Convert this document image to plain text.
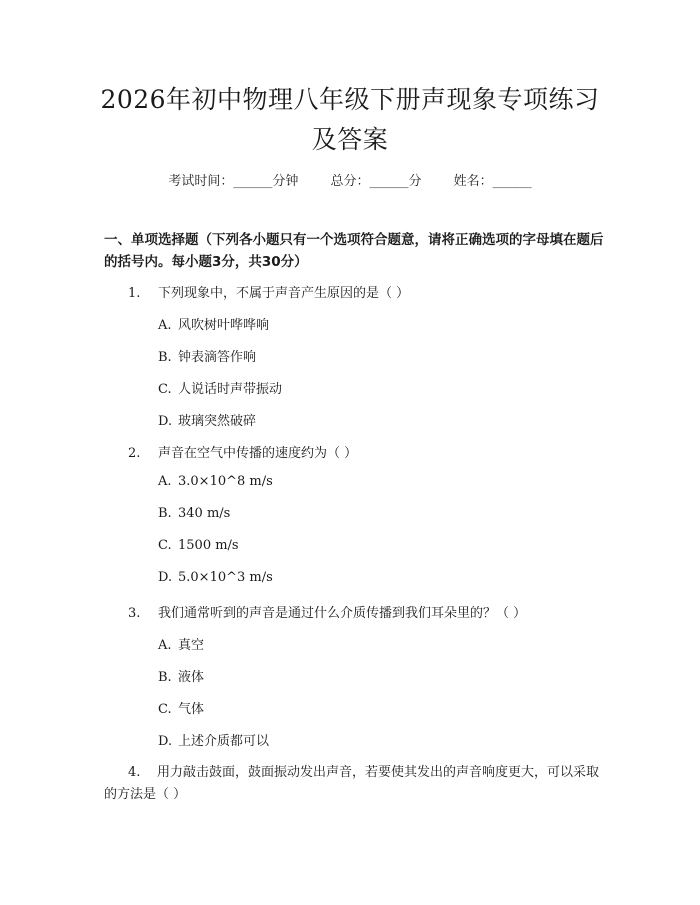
2026年初中物理八年级下册声现象专项练习
及答案
考试时间：______分钟 总分：______分 姓名：______
一、单项选择题（下列各小题只有一个选项符合题意，请将正确选项的字母填在题后的括号内。每小题3分，共30分）
1. 下列现象中，不属于声音产生原因的是（ ）
A. 风吹树叶哗哗响
B. 钟表滴答作响
C. 人说话时声带振动
D. 玻璃突然破碎
2. 声音在空气中传播的速度约为（ ）
A. 3.0×10^8 m/s
B. 340 m/s
C. 1500 m/s
D. 5.0×10^3 m/s
3. 我们通常听到的声音是通过什么介质传播到我们耳朵里的？（ ）
A. 真空
B. 液体
C. 气体
D. 上述介质都可以
4. 用力敲击鼓面，鼓面振动发出声音，若要使其发出的声音响度更大，可以采取的方法是（ ）
